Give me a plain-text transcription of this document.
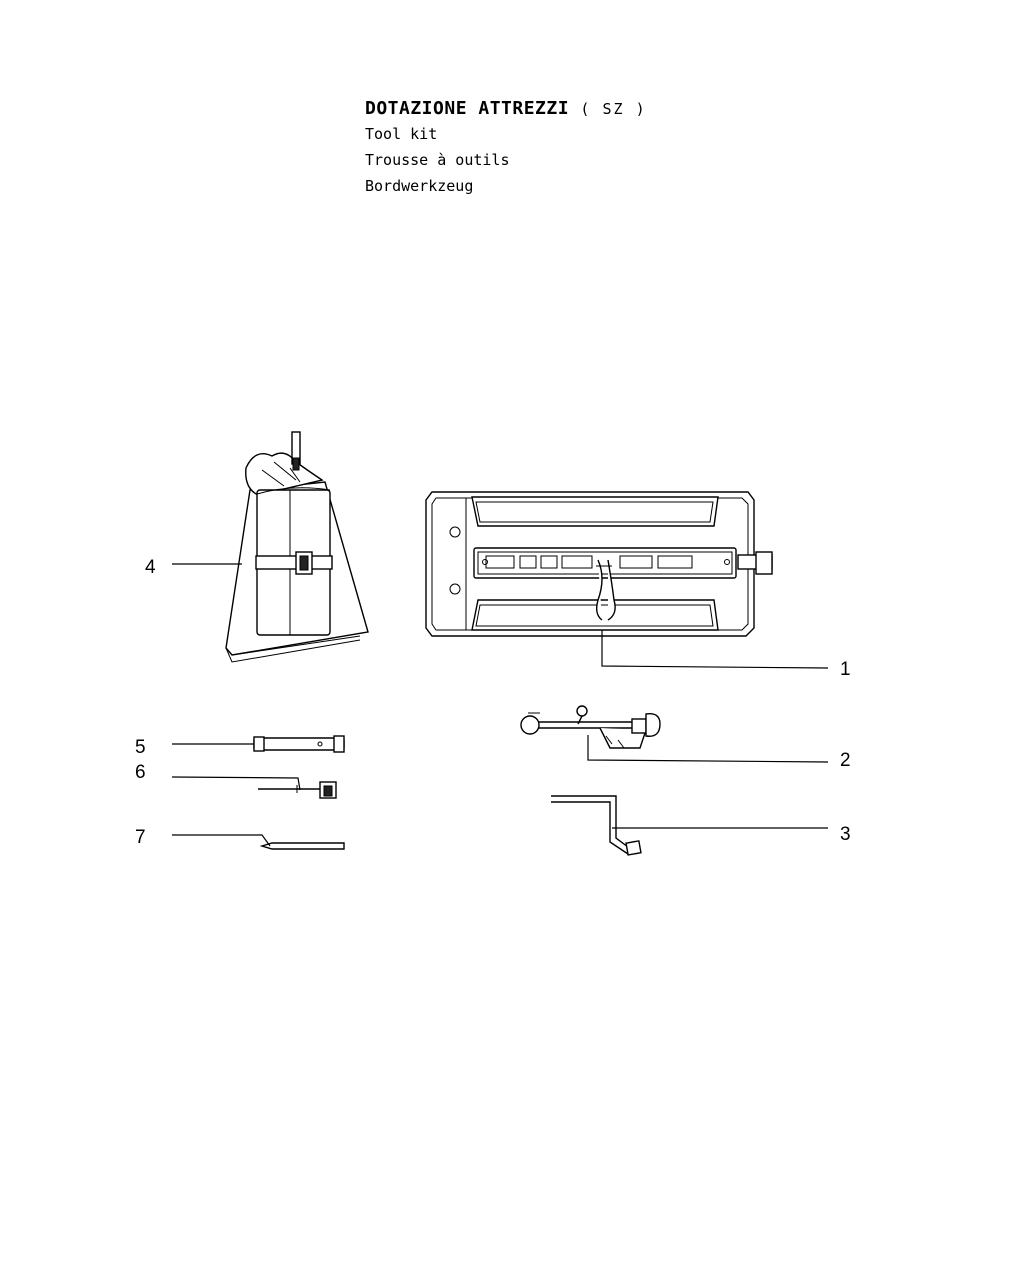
DOTAZIONE ATTREZZI ( SZ )
Tool kit
Trousse à outils
Bordwerkzeug
1
2
3
4
5
6
7
